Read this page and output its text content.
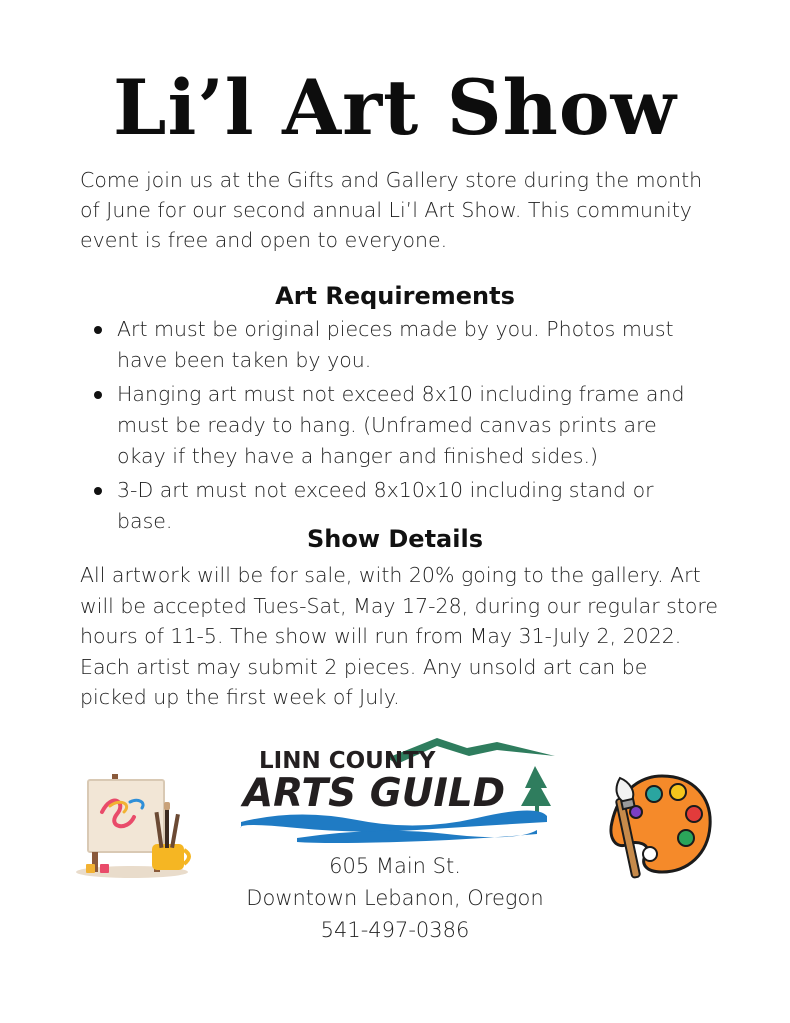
Li’l Art Show
Come join us at the Gifts and Gallery store during the month of June for our second annual Li’l Art Show. This community event is free and open to everyone.
Art Requirements
Art must be original pieces made by you. Photos must have been taken by you.
Hanging art must not exceed 8x10 including frame and must be ready to hang. (Unframed canvas prints are okay if they have a hanger and finished sides.)
3-D art must not exceed 8x10x10 including stand or base.
Show Details
All artwork will be for sale, with 20% going to the gallery. Art will be accepted Tues-Sat, May 17-28, during our regular store hours of 11-5. The show will run from May 31-July 2, 2022. Each artist may submit 2 pieces. Any unsold art can be picked up the first week of July.
LINN COUNTY
ARTS GUILD
605 Main St.
Downtown Lebanon, Oregon
541-497-0386
